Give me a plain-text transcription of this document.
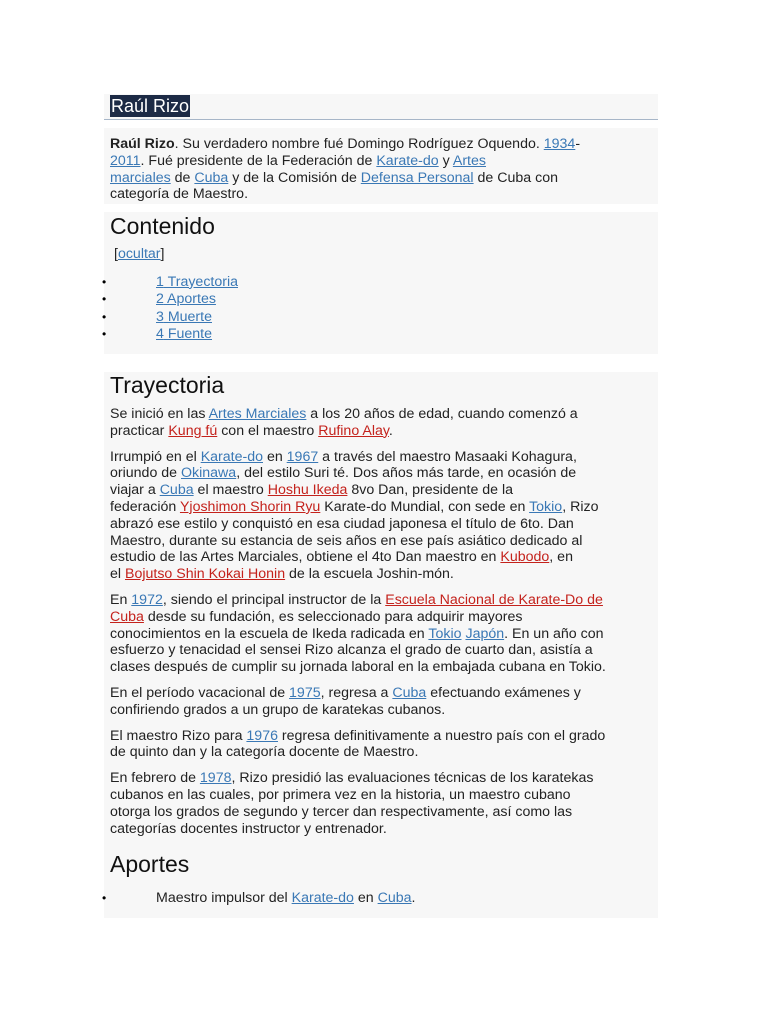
Raúl Rizo

Raúl Rizo. Su verdadero nombre fué Domingo Rodríguez Oquendo. 1934-
2011. Fué presidente de la Federación de Karate-do y Artes
marciales de Cuba y de la Comisión de Defensa Personal de Cuba con
categoría de Maestro.

Contenido
[ocultar]
• 1 Trayectoria
• 2 Aportes
• 3 Muerte
• 4 Fuente
Trayectoria

Se inició en las Artes Marciales a los 20 años de edad, cuando comenzó a
practicar Kung fú con el maestro Rufino Alay.

Irrumpió en el Karate-do en 1967 a través del maestro Masaaki Kohagura,
oriundo de Okinawa, del estilo Suri té. Dos años más tarde, en ocasión de
viajar a Cuba el maestro Hoshu Ikeda 8vo Dan, presidente de la
federación Yjoshimon Shorin Ryu Karate-do Mundial, con sede en Tokio, Rizo
abrazó ese estilo y conquistó en esa ciudad japonesa el título de 6to. Dan
Maestro, durante su estancia de seis años en ese país asiático dedicado al
estudio de las Artes Marciales, obtiene el 4to Dan maestro en Kubodo, en
el Bojutso Shin Kokai Honin de la escuela Joshin-món.

En 1972, siendo el principal instructor de la Escuela Nacional de Karate-Do de
Cuba desde su fundación, es seleccionado para adquirir mayores
conocimientos en la escuela de Ikeda radicada en Tokio Japón. En un año con
esfuerzo y tenacidad el sensei Rizo alcanza el grado de cuarto dan, asistía a
clases después de cumplir su jornada laboral en la embajada cubana en Tokio.

En el período vacacional de 1975, regresa a Cuba efectuando exámenes y
confiriendo grados a un grupo de karatekas cubanos.

El maestro Rizo para 1976 regresa definitivamente a nuestro país con el grado
de quinto dan y la categoría docente de Maestro.

En febrero de 1978, Rizo presidió las evaluaciones técnicas de los karatekas
cubanos en las cuales, por primera vez en la historia, un maestro cubano
otorga los grados de segundo y tercer dan respectivamente, así como las
categorías docentes instructor y entrenador.

Aportes
• Maestro impulsor del Karate-do en Cuba.
